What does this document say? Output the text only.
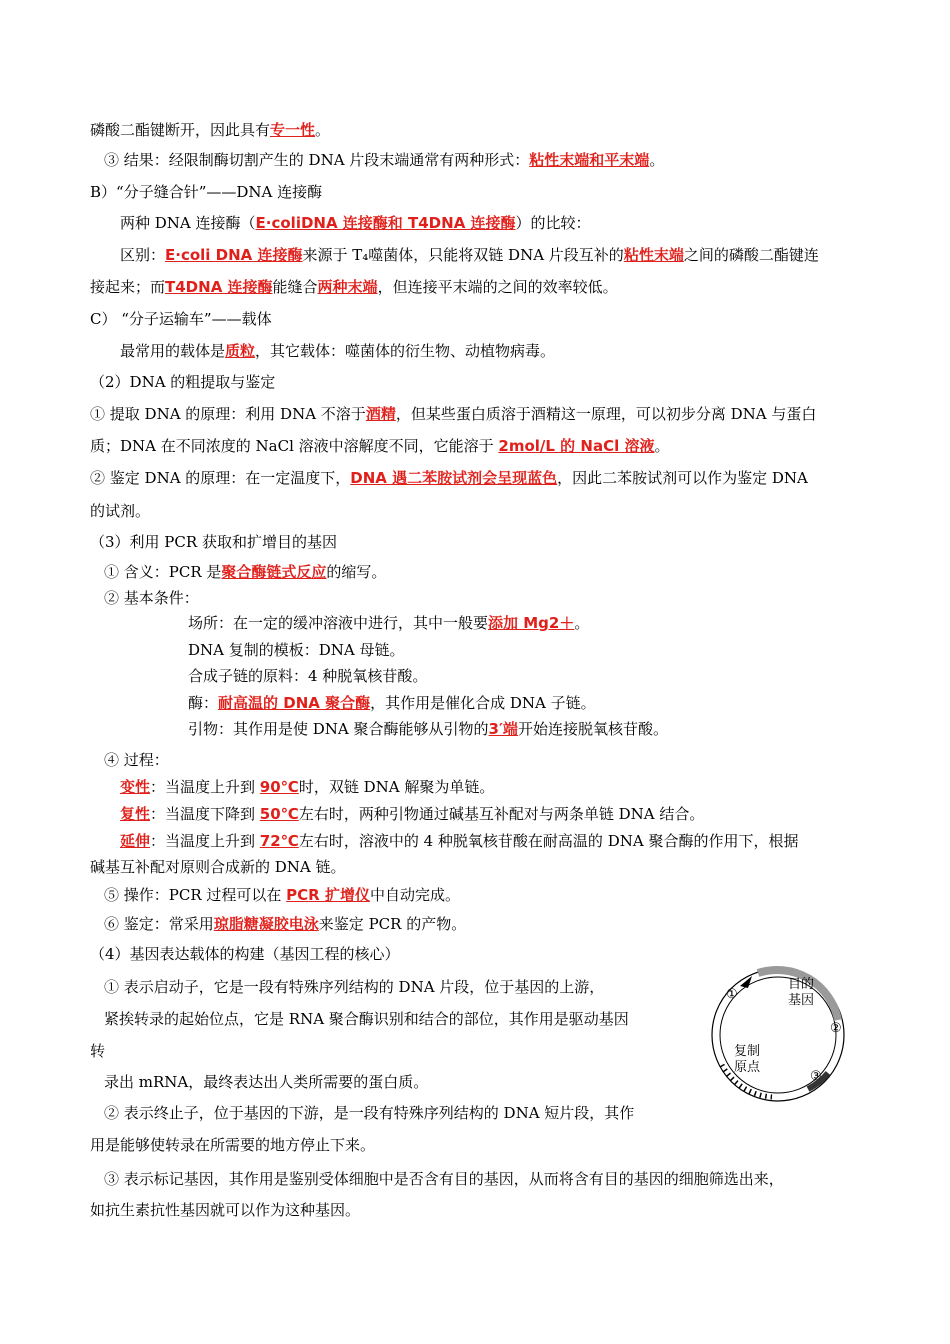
磷酸二酯键断开，因此具有专一性。
③ 结果：经限制酶切割产生的 DNA 片段末端通常有两种形式：粘性末端和平末端。
B）“分子缝合针”——DNA 连接酶
两种 DNA 连接酶（E·coliDNA 连接酶和 T4DNA 连接酶）的比较：
区别：E·coli DNA 连接酶来源于 T₄噬菌体，只能将双链 DNA 片段互补的粘性末端之间的磷酸二酯键连
接起来；而T4DNA 连接酶能缝合两种末端，但连接平末端的之间的效率较低。
C） “分子运输车”——载体
最常用的载体是质粒，其它载体：噬菌体的衍生物、动植物病毒。
（2）DNA 的粗提取与鉴定
① 提取 DNA 的原理：利用 DNA 不溶于酒精，但某些蛋白质溶于酒精这一原理，可以初步分离 DNA 与蛋白
质；DNA 在不同浓度的 NaCl 溶液中溶解度不同，它能溶于 2mol/L 的 NaCl 溶液。
② 鉴定 DNA 的原理：在一定温度下，DNA 遇二苯胺试剂会呈现蓝色，因此二苯胺试剂可以作为鉴定 DNA
的试剂。
（3）利用 PCR 获取和扩增目的基因
① 含义：PCR 是聚合酶链式反应的缩写。
② 基本条件：
场所：在一定的缓冲溶液中进行，其中一般要添加 Mg2＋。
DNA 复制的模板：DNA 母链。
合成子链的原料：4 种脱氧核苷酸。
酶：耐高温的 DNA 聚合酶，其作用是催化合成 DNA 子链。
引物：其作用是使 DNA 聚合酶能够从引物的3′端开始连接脱氧核苷酸。
④ 过程：
变性：当温度上升到 90℃时，双链 DNA 解聚为单链。
复性：当温度下降到 50℃左右时，两种引物通过碱基互补配对与两条单链 DNA 结合。
延伸：当温度上升到 72℃左右时，溶液中的 4 种脱氧核苷酸在耐高温的 DNA 聚合酶的作用下，根据
碱基互补配对原则合成新的 DNA 链。
⑤ 操作：PCR 过程可以在 PCR 扩增仪中自动完成。
⑥ 鉴定：常采用琼脂糖凝胶电泳来鉴定 PCR 的产物。
（4）基因表达载体的构建（基因工程的核心）
① 表示启动子，它是一段有特殊序列结构的 DNA 片段，位于基因的上游，
紧挨转录的起始位点，它是 RNA 聚合酶识别和结合的部位，其作用是驱动基因
转
录出 mRNA，最终表达出人类所需要的蛋白质。
② 表示终止子，位于基因的下游，是一段有特殊序列结构的 DNA 短片段，其作
用是能够使转录在所需要的地方停止下来。
③ 表示标记基因，其作用是鉴别受体细胞中是否含有目的基因，从而将含有目的基因的细胞筛选出来，
如抗生素抗性基因就可以作为这种基因。
目的
基因
复制
原点
①
②
③
